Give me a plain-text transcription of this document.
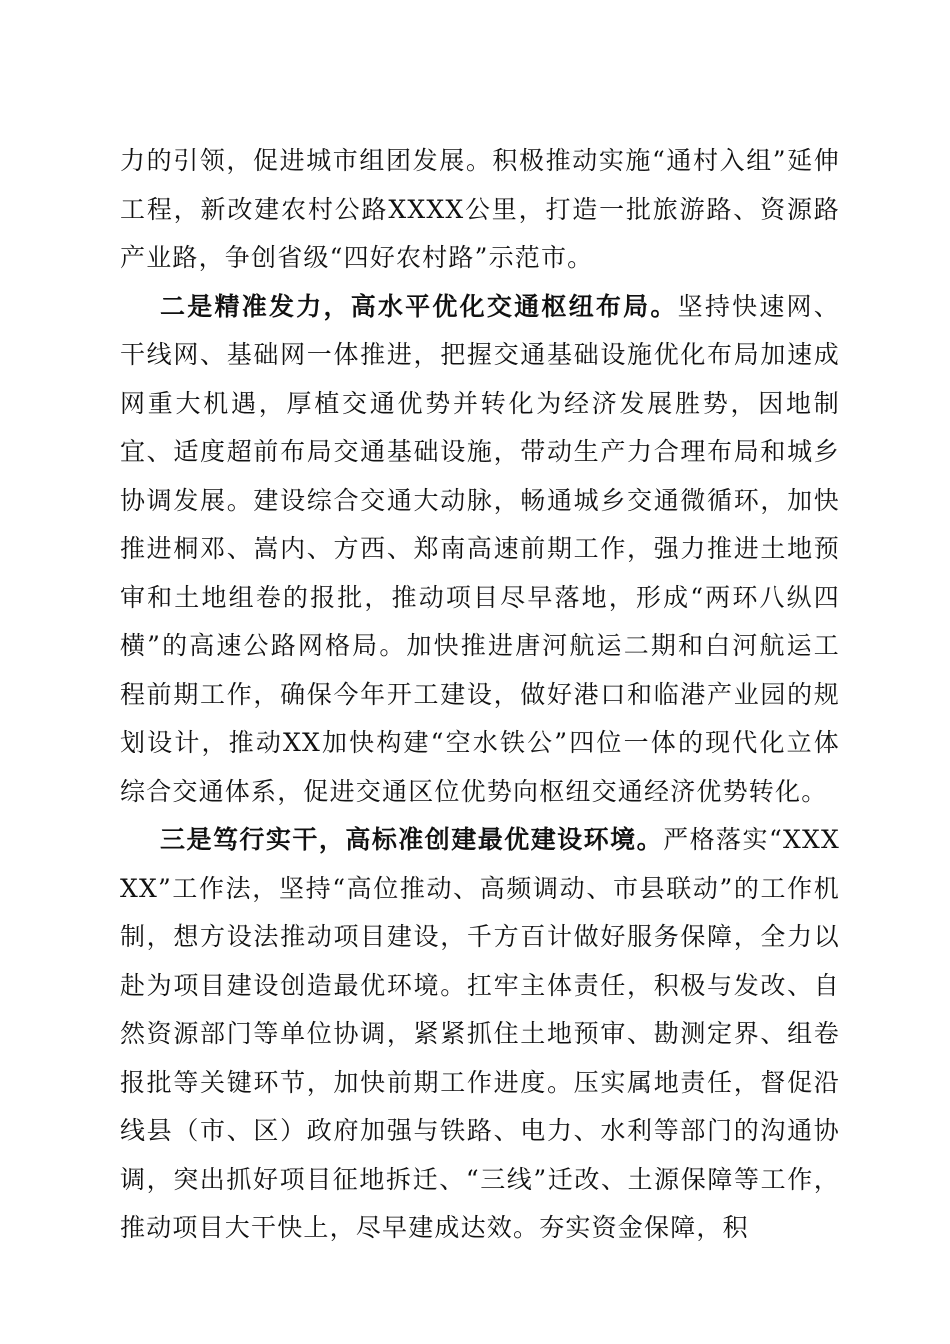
力的引领，促进城市组团发展。积极推动实施“通村入组”延伸工程，新改建农村公路XXXX公里，打造一批旅游路、资源路产业路，争创省级“四好农村路”示范市。

二是精准发力，高水平优化交通枢纽布局。坚持快速网、干线网、基础网一体推进，把握交通基础设施优化布局加速成网重大机遇，厚植交通优势并转化为经济发展胜势，因地制宜、适度超前布局交通基础设施，带动生产力合理布局和城乡协调发展。建设综合交通大动脉，畅通城乡交通微循环，加快推进桐邓、嵩内、方西、郑南高速前期工作，强力推进土地预审和土地组卷的报批，推动项目尽早落地，形成“两环八纵四横”的高速公路网格局。加快推进唐河航运二期和白河航运工程前期工作，确保今年开工建设，做好港口和临港产业园的规划设计，推动XX加快构建“空水铁公”四位一体的现代化立体综合交通体系，促进交通区位优势向枢纽交通经济优势转化。

三是笃行实干，高标准创建最优建设环境。严格落实“XXXXX”工作法，坚持“高位推动、高频调动、市县联动”的工作机制，想方设法推动项目建设，千方百计做好服务保障，全力以赴为项目建设创造最优环境。扛牢主体责任，积极与发改、自然资源部门等单位协调，紧紧抓住土地预审、勘测定界、组卷报批等关键环节，加快前期工作进度。压实属地责任，督促沿线县（市、区）政府加强与铁路、电力、水利等部门的沟通协调，突出抓好项目征地拆迁、“三线”迁改、土源保障等工作，推动项目大干快上，尽早建成达效。夯实资金保障，积
